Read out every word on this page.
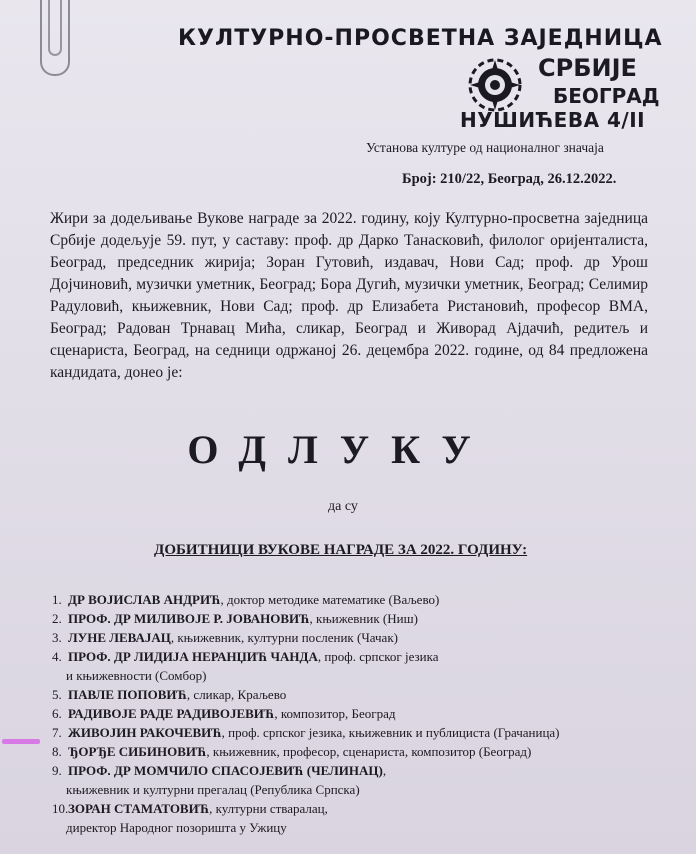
КУЛТУРНО-ПРОСВЕТНА ЗАЈЕДНИЦА
СРБИЈЕ
БЕОГРАД
НУШИЋЕВА 4/II
Установа културе од националног значаја
Број: 210/22, Београд, 26.12.2022.
Жири за додељивање Вукове награде за 2022. годину, коју Културно-просветна заједница Србије додељује 59. пут, у саставу: проф. др Дарко Танасковић, филолог оријенталиста, Београд, председник жирија; Зоран Гутовић, издавач, Нови Сад; проф. др Урош Дојчиновић, музички уметник, Београд; Бора Дугић, музички уметник, Београд; Селимир Радуловић, књижевник, Нови Сад; проф. др Елизабета Ристановић, професор ВМА, Београд; Радован Трнавац Мића, сликар, Београд и Живорад Ајдачић, редитељ и сценариста, Београд, на седници одржаној 26. децембра 2022. године, од 84 предложена кандидата, донео је:
ОДЛУКУ
да су
ДОБИТНИЦИ ВУКОВЕ НАГРАДЕ ЗА 2022. ГОДИНУ:
1. ДР ВОЈИСЛАВ АНДРИЋ, доктор методике математике (Ваљево)
2. ПРОФ. ДР МИЛИВОЈЕ Р. ЈОВАНОВИЋ, књижевник (Ниш)
3. ЛУНЕ ЛЕВАЈАЦ, књижевник, културни посленик (Чачак)
4. ПРОФ. ДР ЛИДИЈА НЕРАНЏИЋ ЧАНДА, проф. српског језика
и књижевности (Сомбор)
5. ПАВЛЕ ПОПОВИЋ, сликар, Краљево
6. РАДИВОЈЕ РАДЕ РАДИВОЈЕВИЋ, композитор, Београд
7. ЖИВОЈИН РАКОЧЕВИЋ, проф. српског језика, књижевник и публициста (Грачаница)
8. ЂОРЂЕ СИБИНОВИЋ, књижевник, професор, сценариста, композитор (Београд)
9. ПРОФ. ДР МОМЧИЛО СПАСОЈЕВИЋ (ЧЕЛИНАЦ),
књижевник и културни прегалац (Република Српска)
10.ЗОРАН СТАМАТОВИЋ, културни стваралац,
директор Народног позоришта у Ужицу
